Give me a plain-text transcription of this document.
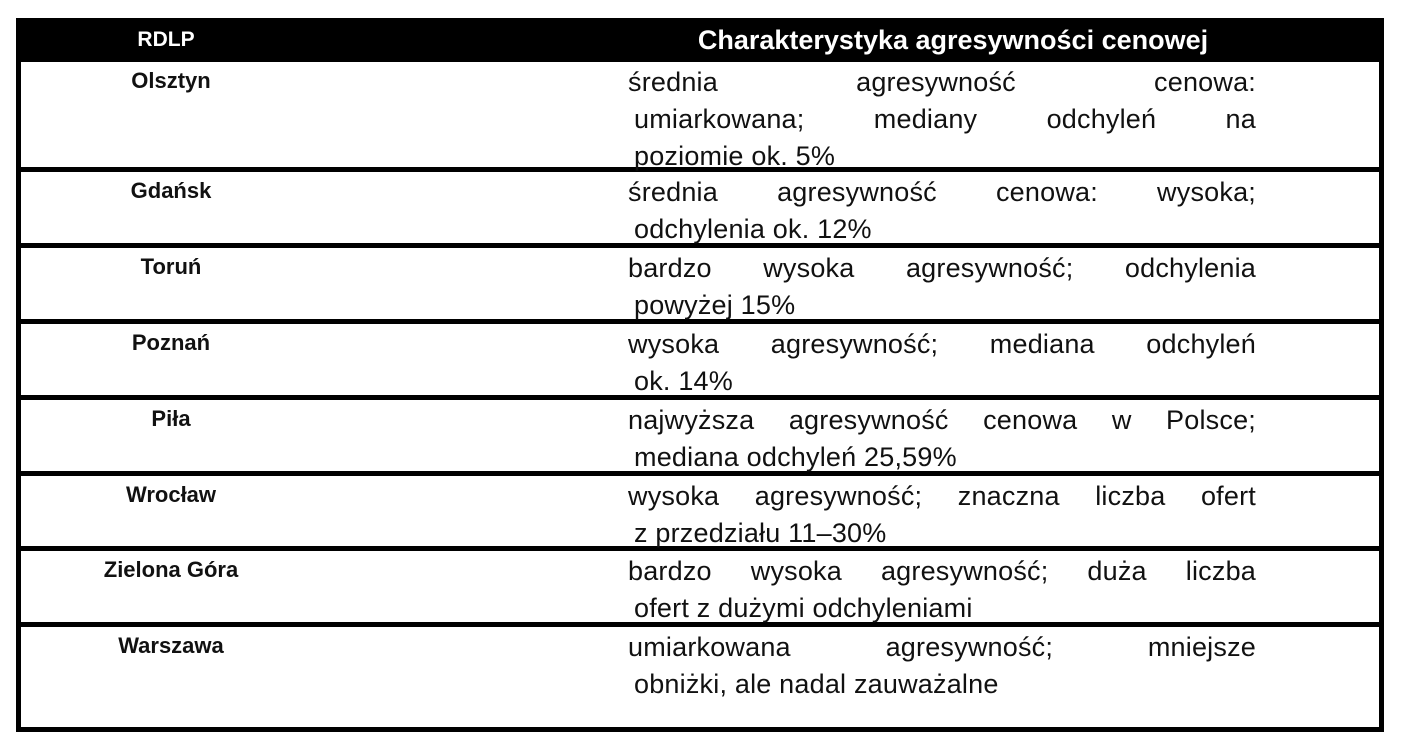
RDLP	Charakterystyka agresywności cenowej
Olsztyn	średnia agresywność cenowa:
umiarkowana; mediany odchyleń na
poziomie ok. 5%
Gdańsk	średnia agresywność cenowa: wysoka;
odchylenia ok. 12%
Toruń	bardzo wysoka agresywność; odchylenia
powyżej 15%
Poznań	wysoka agresywność; mediana odchyleń
ok. 14%
Piła	najwyższa agresywność cenowa w Polsce;
mediana odchyleń 25,59%
Wrocław	wysoka agresywność; znaczna liczba ofert
z przedziału 11–30%
Zielona Góra	bardzo wysoka agresywność; duża liczba
ofert z dużymi odchyleniami
Warszawa	umiarkowana agresywność; mniejsze
obniżki, ale nadal zauważalne
